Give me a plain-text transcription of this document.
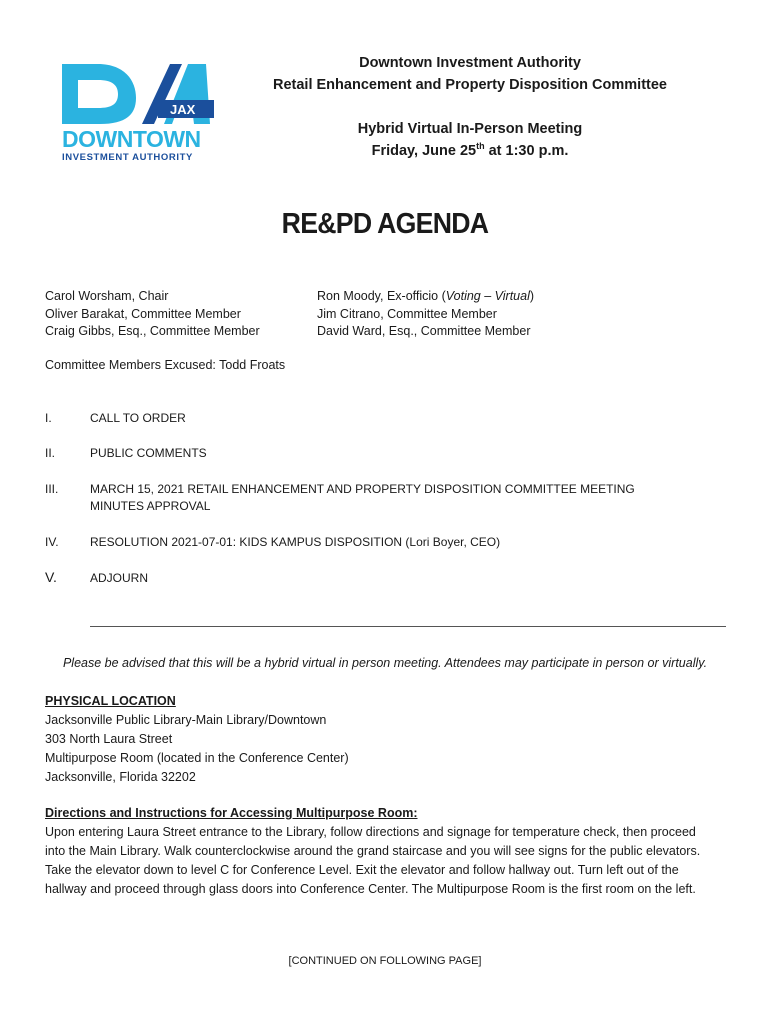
JAX
DOWNTOWN
INVESTMENT AUTHORITY
Downtown Investment Authority
Retail Enhancement and Property Disposition Committee
Hybrid Virtual In-Person Meeting
Friday, June 25th at 1:30 p.m.
RE&PD AGENDA
Carol Worsham, Chair
Oliver Barakat, Committee Member
Craig Gibbs, Esq., Committee Member
Ron Moody, Ex-officio (Voting – Virtual)
Jim Citrano, Committee Member
David Ward, Esq., Committee Member
Committee Members Excused: Todd Froats
I.	CALL TO ORDER
II.	PUBLIC COMMENTS
III.	MARCH 15, 2021 RETAIL ENHANCEMENT AND PROPERTY DISPOSITION COMMITTEE MEETING MINUTES APPROVAL
IV.	RESOLUTION 2021-07-01: KIDS KAMPUS DISPOSITION (Lori Boyer, CEO)
V.	ADJOURN
Please be advised that this will be a hybrid virtual in person meeting. Attendees may participate in person or virtually.
PHYSICAL LOCATION
Jacksonville Public Library-Main Library/Downtown
303 North Laura Street
Multipurpose Room (located in the Conference Center)
Jacksonville, Florida 32202
Directions and Instructions for Accessing Multipurpose Room:
Upon entering Laura Street entrance to the Library, follow directions and signage for temperature check, then proceed
into the Main Library. Walk counterclockwise around the grand staircase and you will see signs for the public elevators.
Take the elevator down to level C for Conference Level. Exit the elevator and follow hallway out. Turn left out of the
hallway and proceed through glass doors into Conference Center. The Multipurpose Room is the first room on the left.
[CONTINUED ON FOLLOWING PAGE]
